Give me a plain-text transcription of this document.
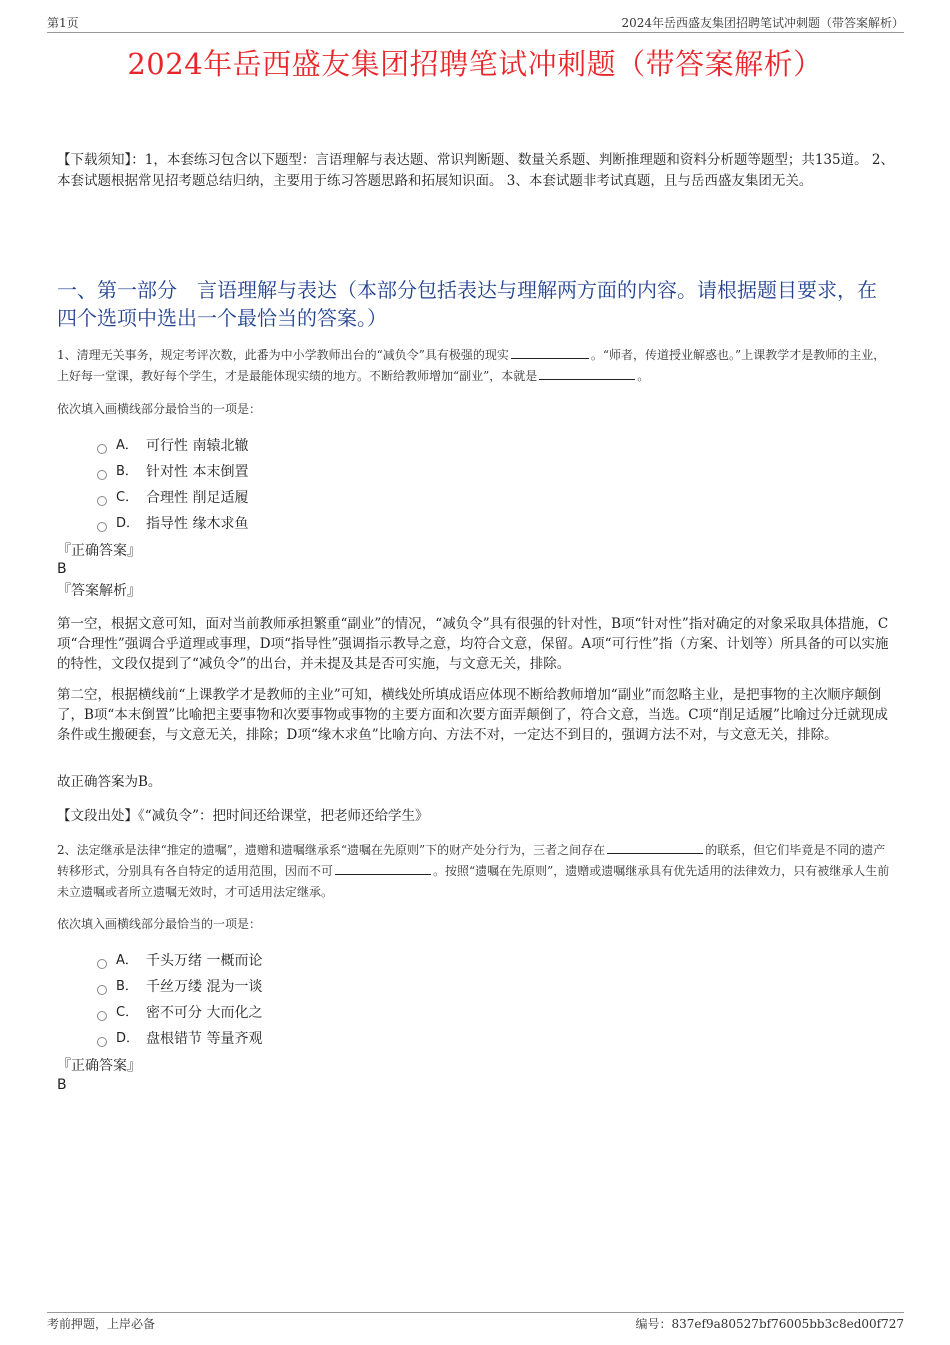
第1页	2024年岳西盛友集团招聘笔试冲刺题（带答案解析）
2024年岳西盛友集团招聘笔试冲刺题（带答案解析）
【下载须知】：1，本套练习包含以下题型：言语理解与表达题、常识判断题、数量关系题、判断推理题和资料分析题等题型；共135道。 2、本套试题根据常见招考题总结归纳，主要用于练习答题思路和拓展知识面。 3、本套试题非考试真题，且与岳西盛友集团无关。
一、第一部分　言语理解与表达（本部分包括表达与理解两方面的内容。请根据题目要求，在四个选项中选出一个最恰当的答案。）
1、清理无关事务，规定考评次数，此番为中小学教师出台的“减负令”具有极强的现实	。“师者，传道授业解惑也。”上课教学才是教师的主业，上好每一堂课，教好每个学生，才是最能体现实绩的地方。不断给教师增加“副业”，本就是	。
依次填入画横线部分最恰当的一项是：
A． 可行性 南辕北辙
B． 针对性 本末倒置
C． 合理性 削足适履
D． 指导性 缘木求鱼
『正确答案』
B
『答案解析』
第一空，根据文意可知，面对当前教师承担繁重“副业”的情况，“减负令”具有很强的针对性，B项“针对性”指对确定的对象采取具体措施，C项“合理性”强调合乎道理或事理，D项“指导性”强调指示教导之意，均符合文意，保留。A项“可行性”指（方案、计划等）所具备的可以实施的特性，文段仅提到了“减负令”的出台，并未提及其是否可实施，与文意无关，排除。
第二空，根据横线前“上课教学才是教师的主业”可知，横线处所填成语应体现不断给教师增加“副业”而忽略主业，是把事物的主次顺序颠倒了，B项“本末倒置”比喻把主要事物和次要事物或事物的主要方面和次要方面弄颠倒了，符合文意，当选。C项“削足适履”比喻过分迁就现成条件或生搬硬套，与文意无关，排除；D项“缘木求鱼”比喻方向、方法不对，一定达不到目的，强调方法不对，与文意无关，排除。
故正确答案为B。
【文段出处】《“减负令”：把时间还给课堂，把老师还给学生》
2、法定继承是法律“推定的遗嘱”，遗赠和遗嘱继承系“遗嘱在先原则”下的财产处分行为，三者之间存在	的联系，但它们毕竟是不同的遗产转移形式，分别具有各自特定的适用范围，因而不可	。按照“遗嘱在先原则”，遗赠或遗嘱继承具有优先适用的法律效力，只有被继承人生前未立遗嘱或者所立遗嘱无效时，才可适用法定继承。
依次填入画横线部分最恰当的一项是：
A． 千头万绪 一概而论
B． 千丝万缕 混为一谈
C． 密不可分 大而化之
D． 盘根错节 等量齐观
『正确答案』
B
考前押题，上岸必备	编号：837ef9a80527bf76005bb3c8ed00f727
